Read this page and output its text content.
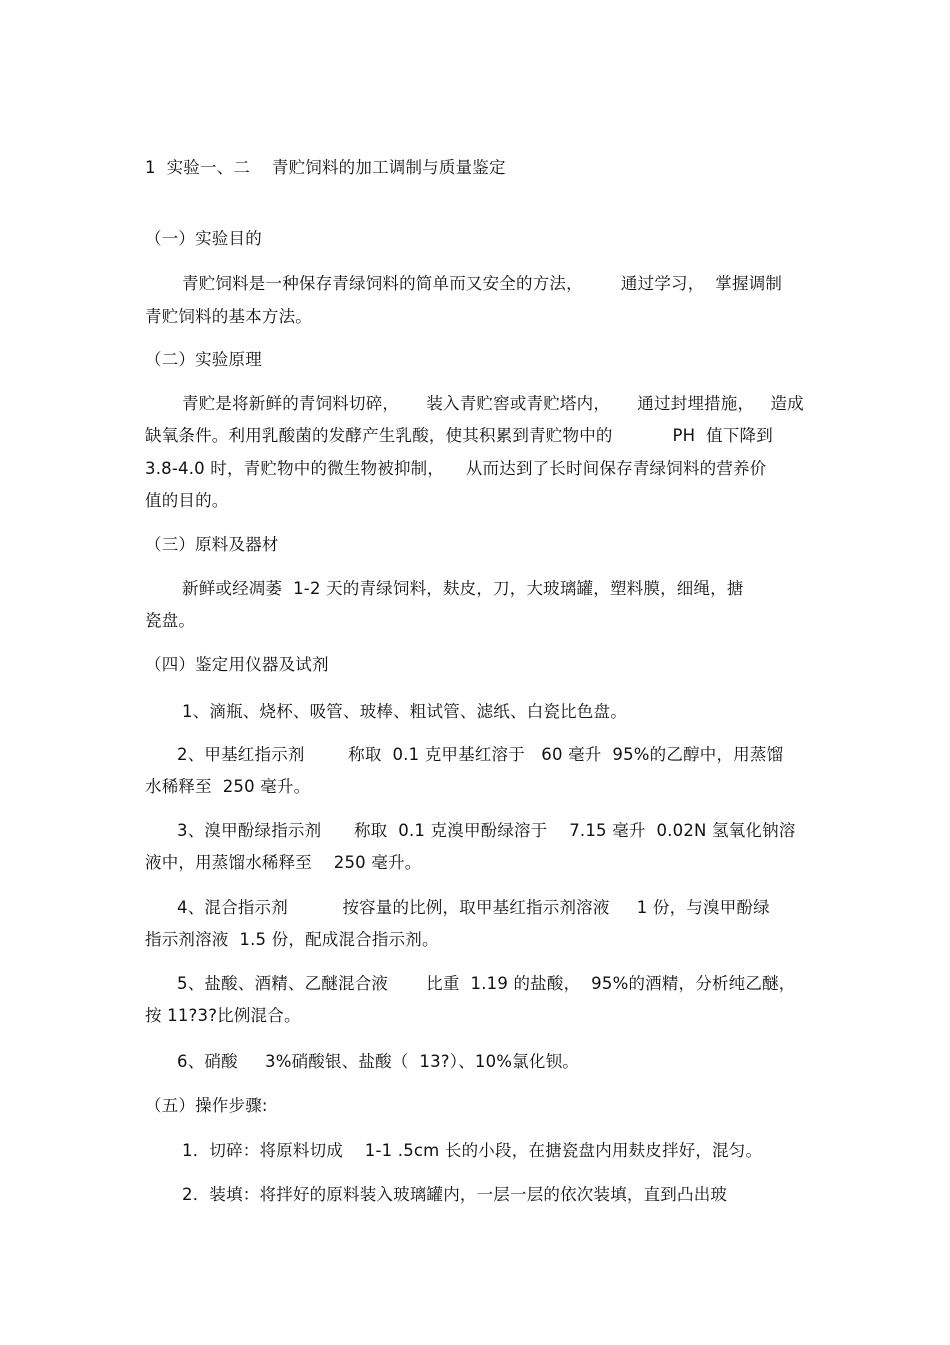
1  实验一、二    青贮饲料的加工调制与质量鉴定

（一）实验目的

青贮饲料是一种保存青绿饲料的简单而又安全的方法，       通过学习，  掌握调制

青贮饲料的基本方法。

（二）实验原理

青贮是将新鲜的青饲料切碎，     装入青贮窖或青贮塔内，     通过封埋措施，   造成

缺氧条件。利用乳酸菌的发酵产生乳酸，使其积累到青贮物中的           PH  值下降到

3.8-4.0 时，青贮物中的微生物被抑制，    从而达到了长时间保存青绿饲料的营养价

值的目的。

（三）原料及器材

新鲜或经凋萎  1-2 天的青绿饲料，麸皮，刀，大玻璃罐，塑料膜，细绳，搪

瓷盘。

（四）鉴定用仪器及试剂

1、滴瓶、烧杯、吸管、玻棒、粗试管、滤纸、白瓷比色盘。

2、甲基红指示剂        称取  0.1 克甲基红溶于   60 毫升  95%的乙醇中，用蒸馏

水稀释至  250 毫升。

3、溴甲酚绿指示剂      称取  0.1 克溴甲酚绿溶于    7.15 毫升  0.02N 氢氧化钠溶

液中，用蒸馏水稀释至    250 毫升。

4、混合指示剂          按容量的比例，取甲基红指示剂溶液     1 份，与溴甲酚绿

指示剂溶液  1.5 份，配成混合指示剂。

5、盐酸、酒精、乙醚混合液       比重  1.19 的盐酸，  95%的酒精，分析纯乙醚，

按 11?3?比例混合。

6、硝酸     3%硝酸银、盐酸（  13?）、10%氯化钡。

（五）操作步骤:

1．切碎：将原料切成    1-1 .5cm 长的小段，在搪瓷盘内用麸皮拌好，混匀。

2．装填：将拌好的原料装入玻璃罐内，一层一层的依次装填，直到凸出玻
